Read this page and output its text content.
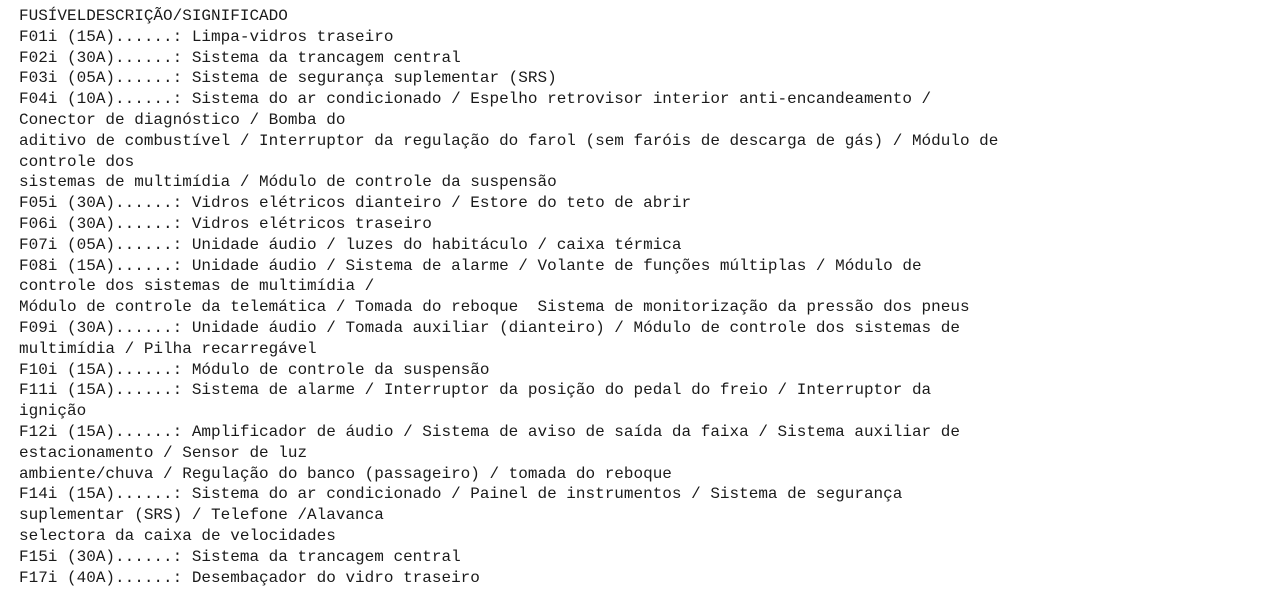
FUSÍVELDESCRIÇÃO/SIGNIFICADO

F01i (15A)......: Limpa-vidros traseiro

F02i (30A)......: Sistema da trancagem central

F03i (05A)......: Sistema de segurança suplementar (SRS)

F04i (10A)......: Sistema do ar condicionado / Espelho retrovisor interior anti-encandeamento /

Conector de diagnóstico / Bomba do

aditivo de combustível / Interruptor da regulação do farol (sem faróis de descarga de gás) / Módulo de

controle dos

sistemas de multimídia / Módulo de controle da suspensão

F05i (30A)......: Vidros elétricos dianteiro / Estore do teto de abrir

F06i (30A)......: Vidros elétricos traseiro

F07i (05A)......: Unidade áudio / luzes do habitáculo / caixa térmica

F08i (15A)......: Unidade áudio / Sistema de alarme / Volante de funções múltiplas / Módulo de

controle dos sistemas de multimídia /

Módulo de controle da telemática / Tomada do reboque  Sistema de monitorização da pressão dos pneus

F09i (30A)......: Unidade áudio / Tomada auxiliar (dianteiro) / Módulo de controle dos sistemas de

multimídia / Pilha recarregável

F10i (15A)......: Módulo de controle da suspensão

F11i (15A)......: Sistema de alarme / Interruptor da posição do pedal do freio / Interruptor da

ignição

F12i (15A)......: Amplificador de áudio / Sistema de aviso de saída da faixa / Sistema auxiliar de

estacionamento / Sensor de luz

ambiente/chuva / Regulação do banco (passageiro) / tomada do reboque

F14i (15A)......: Sistema do ar condicionado / Painel de instrumentos / Sistema de segurança

suplementar (SRS) / Telefone /Alavanca

selectora da caixa de velocidades

F15i (30A)......: Sistema da trancagem central

F17i (40A)......: Desembaçador do vidro traseiro
